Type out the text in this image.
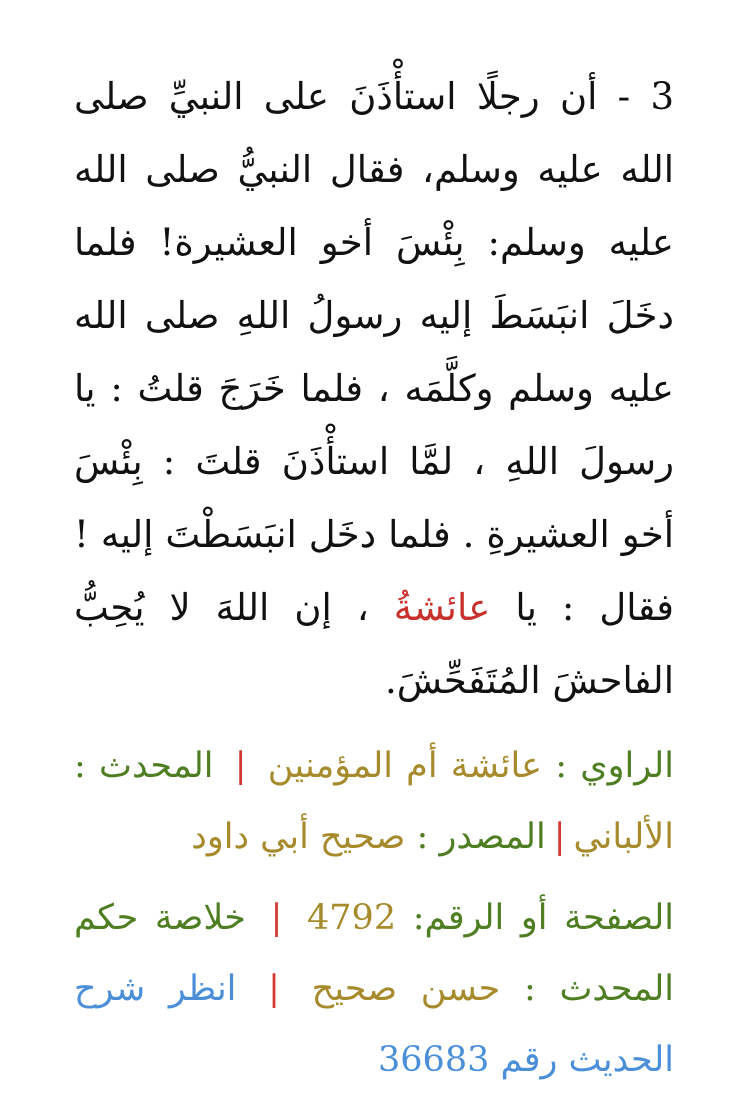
3 - أن رجلًا استأْذَنَ على النبيِّ صلى الله عليه وسلم، فقال النبيُّ صلى الله عليه وسلم: بِئْسَ أخو العشيرة! فلما دخَلَ انبَسَطَ إليه رسولُ اللهِ صلى الله عليه وسلم وكلَّمَه ، فلما خَرَجَ قلتُ : يا رسولَ اللهِ ، لمَّا استأْذَنَ قلتَ : بِئْسَ أخو العشيرةِ . فلما دخَل انبَسَطْتَ إليه ! فقال : يا عائشةُ ، إن اللهَ لا يُحِبُّ الفاحشَ المُتَفَحِّشَ.

الراوي : عائشة أم المؤمنين | المحدث : الألباني|المصدر : صحيح أبي داود

الصفحة أو الرقم: 4792 | خلاصة حكم المحدث : حسن صحيح | انظر شرح الحديث رقم 36683
